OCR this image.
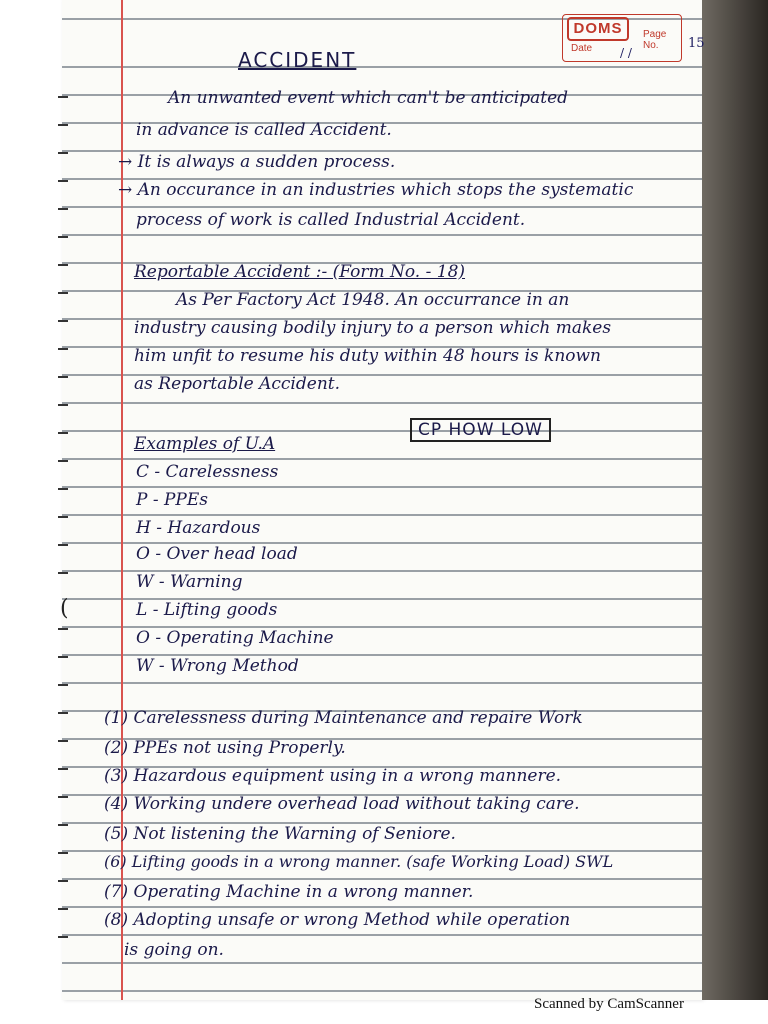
DOMS	Page No.
Date	15
/ /
ACCIDENT
An unwanted event which can't be anticipated
in advance is called Accident.
→ It is always a sudden process.
→ An occurance in an industries which stops the systematic
process of work is called Industrial Accident.
Reportable Accident :- (Form No. - 18)
As Per Factory Act 1948. An occurrance in an
industry causing bodily injury to a person which makes
him unfit to resume his duty within 48 hours is known
as Reportable Accident.
Examples of U.A
CP HOW LOW
C - Carelessness
P - PPEs
H - Hazardous
O - Over head load
W - Warning
L - Lifting goods
O - Operating Machine
W - Wrong Method
(
(1) Carelessness during Maintenance and repaire Work
(2) PPEs not using Properly.
(3) Hazardous equipment using in a wrong mannere.
(4) Working undere overhead load without taking care.
(5) Not listening the Warning of Seniore.
(6) Lifting goods in a wrong manner. (safe Working Load) SWL
(7) Operating Machine in a wrong manner.
(8) Adopting unsafe or wrong Method while operation
is going on.
Scanned by CamScanner
